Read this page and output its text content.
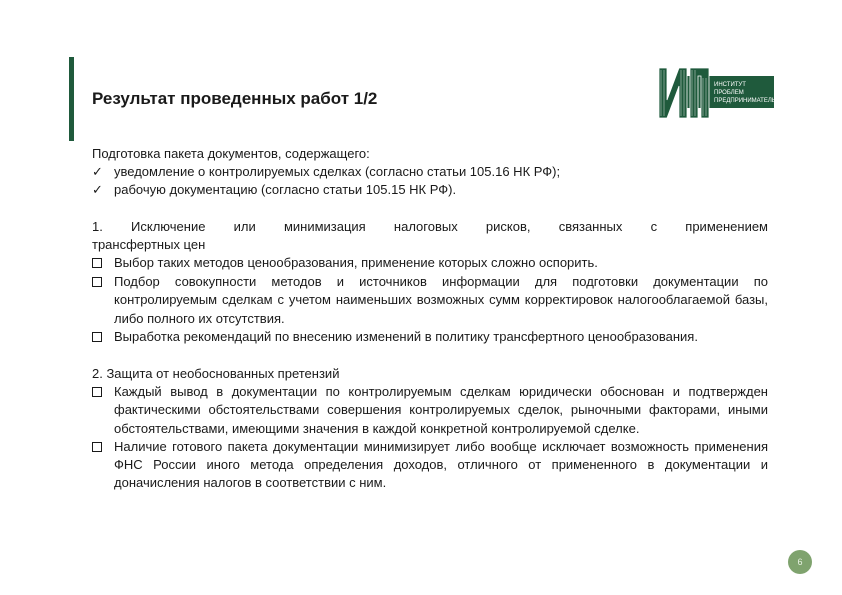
Результат проведенных работ 1/2
ИНСТИТУТ
ПРОБЛЕМ
ПРЕДПРИНИМАТЕЛЬСТВА

Подготовка пакета документов, содержащего:

✓ уведомление о контролируемых сделках (согласно статьи 105.16 НК РФ);
✓ рабочую документацию (согласно статьи 105.15 НК РФ).

1. Исключение или минимизация налоговых рисков, связанных с применением

трансфертных цен

Выбор таких методов ценообразования, применение которых сложно оспорить.
Подбор совокупности методов и источников информации для подготовки документации по контролируемым сделкам с учетом наименьших возможных сумм корректировок налогооблагаемой базы, либо полного их отсутствия.
Выработка рекомендаций по внесению изменений в политику трансфертного ценообразования.

2. Защита от необоснованных претензий

Каждый вывод в документации по контролируемым сделкам юридически обоснован и подтвержден фактическими обстоятельствами совершения контролируемых сделок, рыночными факторами, иными обстоятельствами, имеющими значения в каждой конкретной контролируемой сделке.
Наличие готового пакета документации минимизирует либо вообще исключает возможность применения ФНС России иного метода определения доходов, отличного от примененного в документации и доначисления налогов в соответствии с ним.
6
